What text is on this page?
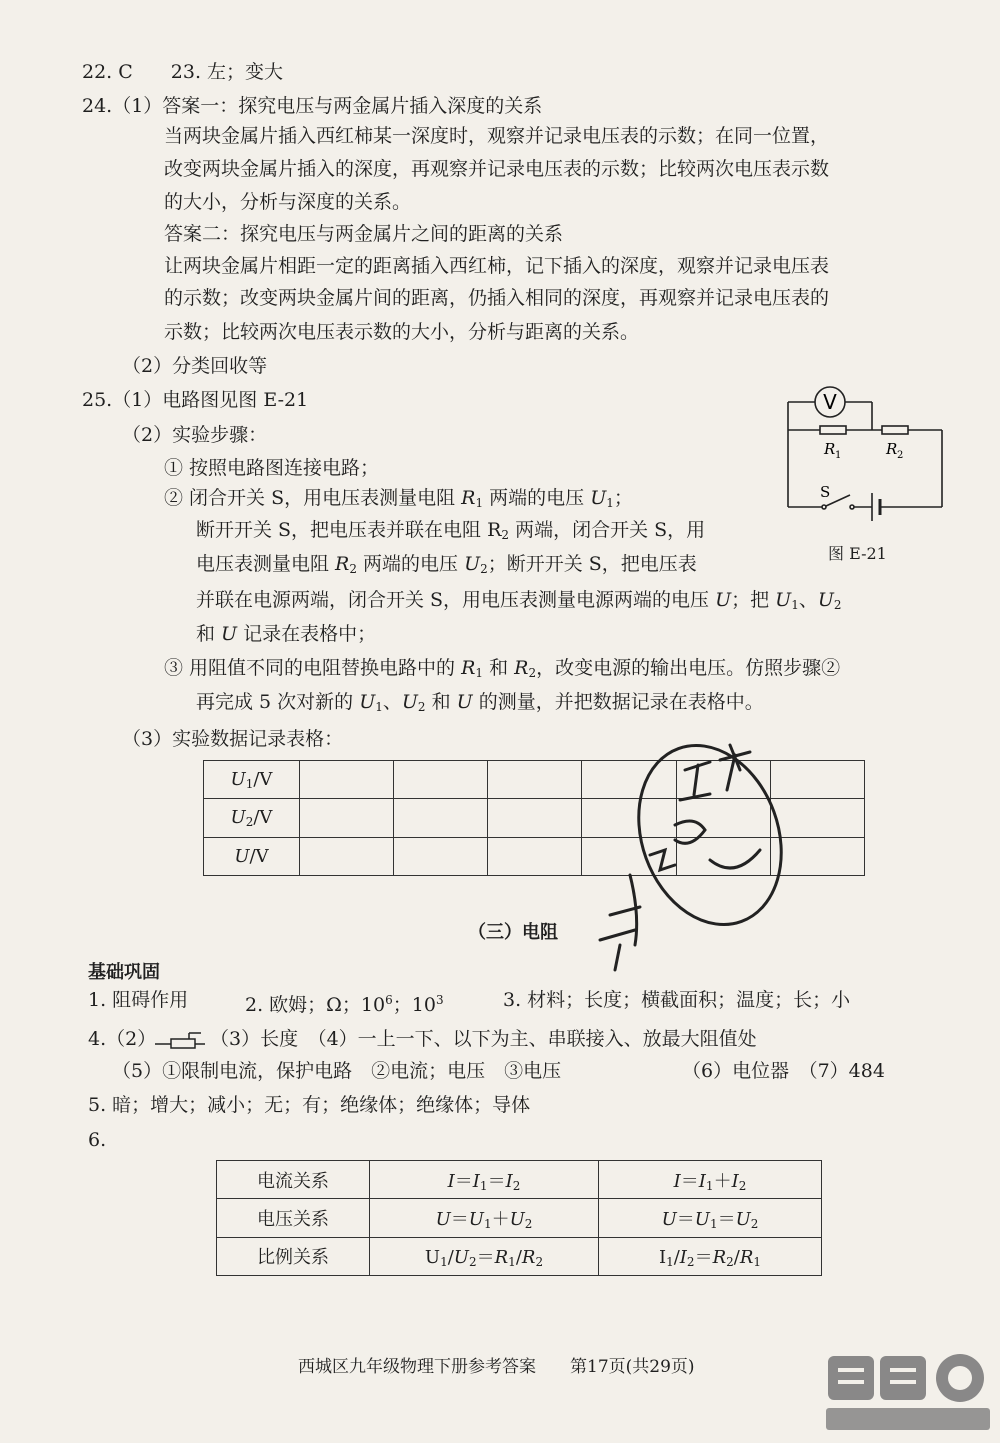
22. C　　23. 左；变大
24.（1）答案一：探究电压与两金属片插入深度的关系
当两块金属片插入西红柿某一深度时，观察并记录电压表的示数；在同一位置，
改变两块金属片插入的深度，再观察并记录电压表的示数；比较两次电压表示数
的大小，分析与深度的关系。
答案二：探究电压与两金属片之间的距离的关系
让两块金属片相距一定的距离插入西红柿，记下插入的深度，观察并记录电压表
的示数；改变两块金属片间的距离，仍插入相同的深度，再观察并记录电压表的
示数；比较两次电压表示数的大小，分析与距离的关系。
（2）分类回收等
25.（1）电路图见图 E-21
（2）实验步骤：
① 按照电路图连接电路；
② 闭合开关 S，用电压表测量电阻 $R_1$ 两端的电压 $U_1$；
断开开关 S，把电压表并联在电阻 $R_2$ 两端，闭合开关 S，用
电压表测量电阻 $R_2$ 两端的电压 $U_2$；断开开关 S，把电压表
并联在电源两端，闭合开关 S，用电压表测量电源两端的电压 U；把 $U_1$、$U_2$
和 U 记录在表格中；
③ 用阻值不同的电阻替换电路中的 $R_1$ 和 $R_2$，改变电源的输出电压。仿照步骤②
再完成 5 次对新的 $U_1$、$U_2$ 和 U 的测量，并把数据记录在表格中。
V
R 1	R 2
S
图 E-21
（3）实验数据记录表格：
$U_1/V$						
$U_2/V$						
U/V						
（三）电阻
基础巩固
1. 阻碍作用	2. 欧姆；Ω；$10^6$；$10^3$	3. 材料；长度；横截面积；温度；长；小
4.（2）	（3）长度　（4）一上一下、以下为主、串联接入、放最大阻值处
（5）①限制电流，保护电路　②电流；电压　③电压	（6）电位器　（7）484
5. 暗；增大；减小；无；有；绝缘体；绝缘体；导体
6.
电流关系	$I=I_1=I_2$	$I=I_1+I_2$
电压关系	$U=U_1+U_2$	$U=U_1=U_2$
比例关系	$U_1/U_2=R_1/R_2$	$I_1/I_2=R_2/R_1$
西城区九年级物理下册参考答案　　第17页(共29页)
